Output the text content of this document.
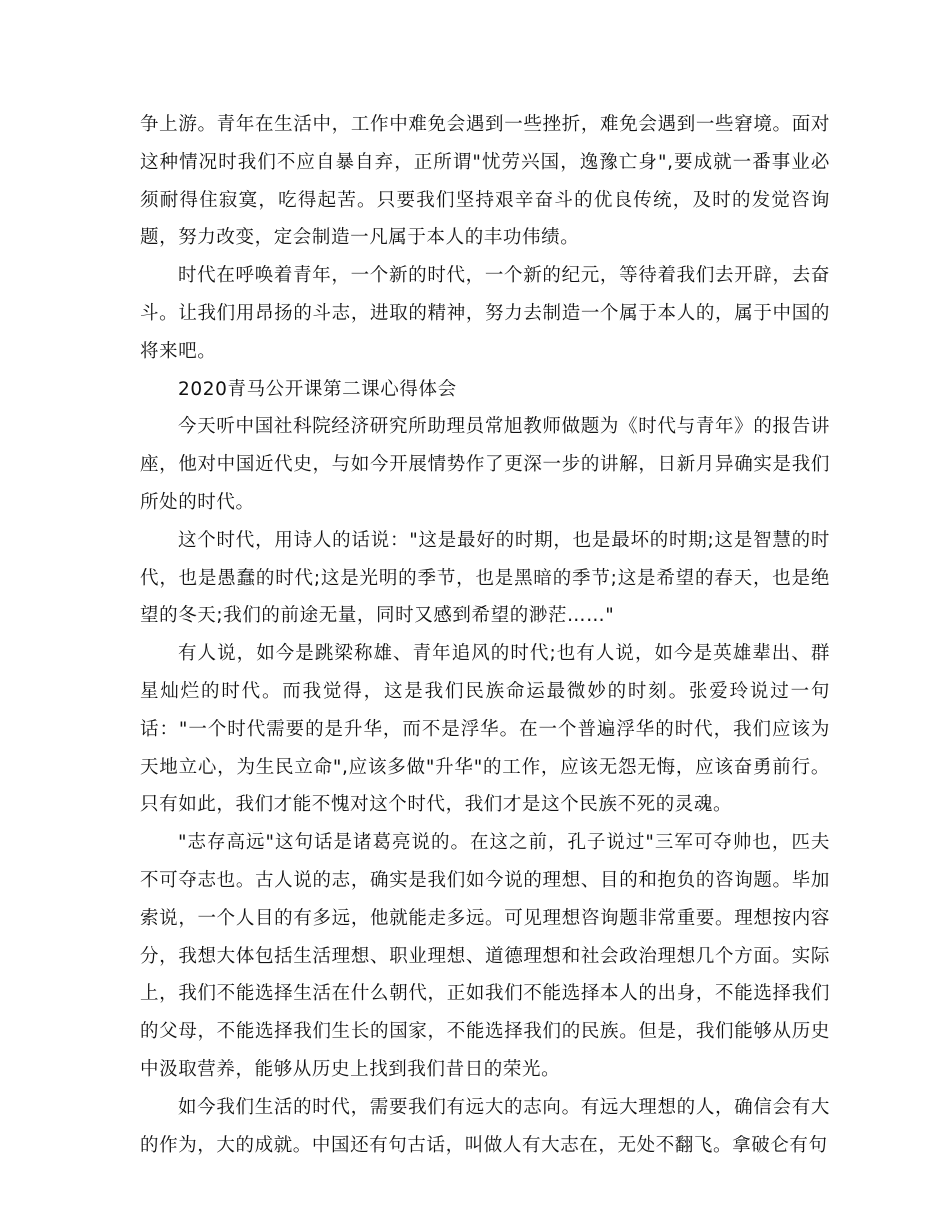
争上游。青年在生活中，工作中难免会遇到一些挫折，难免会遇到一些窘境。面对这种情况时我们不应自暴自弃，正所谓"忧劳兴国，逸豫亡身",要成就一番事业必须耐得住寂寞，吃得起苦。只要我们坚持艰辛奋斗的优良传统，及时的发觉咨询题，努力改变，定会制造一凡属于本人的丰功伟绩。

时代在呼唤着青年，一个新的时代，一个新的纪元，等待着我们去开辟，去奋斗。让我们用昂扬的斗志，进取的精神，努力去制造一个属于本人的，属于中国的将来吧。

2020青马公开课第二课心得体会

今天听中国社科院经济研究所助理员常旭教师做题为《时代与青年》的报告讲座，他对中国近代史，与如今开展情势作了更深一步的讲解，日新月异确实是我们所处的时代。

这个时代，用诗人的话说："这是最好的时期，也是最坏的时期;这是智慧的时代，也是愚蠢的时代;这是光明的季节，也是黑暗的季节;这是希望的春天，也是绝望的冬天;我们的前途无量，同时又感到希望的渺茫……"

有人说，如今是跳梁称雄、青年追风的时代;也有人说，如今是英雄辈出、群星灿烂的时代。而我觉得，这是我们民族命运最微妙的时刻。张爱玲说过一句话："一个时代需要的是升华，而不是浮华。在一个普遍浮华的时代，我们应该为天地立心，为生民立命",应该多做"升华"的工作，应该无怨无悔，应该奋勇前行。只有如此，我们才能不愧对这个时代，我们才是这个民族不死的灵魂。

"志存高远"这句话是诸葛亮说的。在这之前，孔子说过"三军可夺帅也，匹夫不可夺志也。古人说的志，确实是我们如今说的理想、目的和抱负的咨询题。毕加索说，一个人目的有多远，他就能走多远。可见理想咨询题非常重要。理想按内容分，我想大体包括生活理想、职业理想、道德理想和社会政治理想几个方面。实际上，我们不能选择生活在什么朝代，正如我们不能选择本人的出身，不能选择我们的父母，不能选择我们生长的国家，不能选择我们的民族。但是，我们能够从历史中汲取营养，能够从历史上找到我们昔日的荣光。

如今我们生活的时代，需要我们有远大的志向。有远大理想的人，确信会有大的作为，大的成就。中国还有句古话，叫做人有大志在，无处不翻飞。拿破仑有句
